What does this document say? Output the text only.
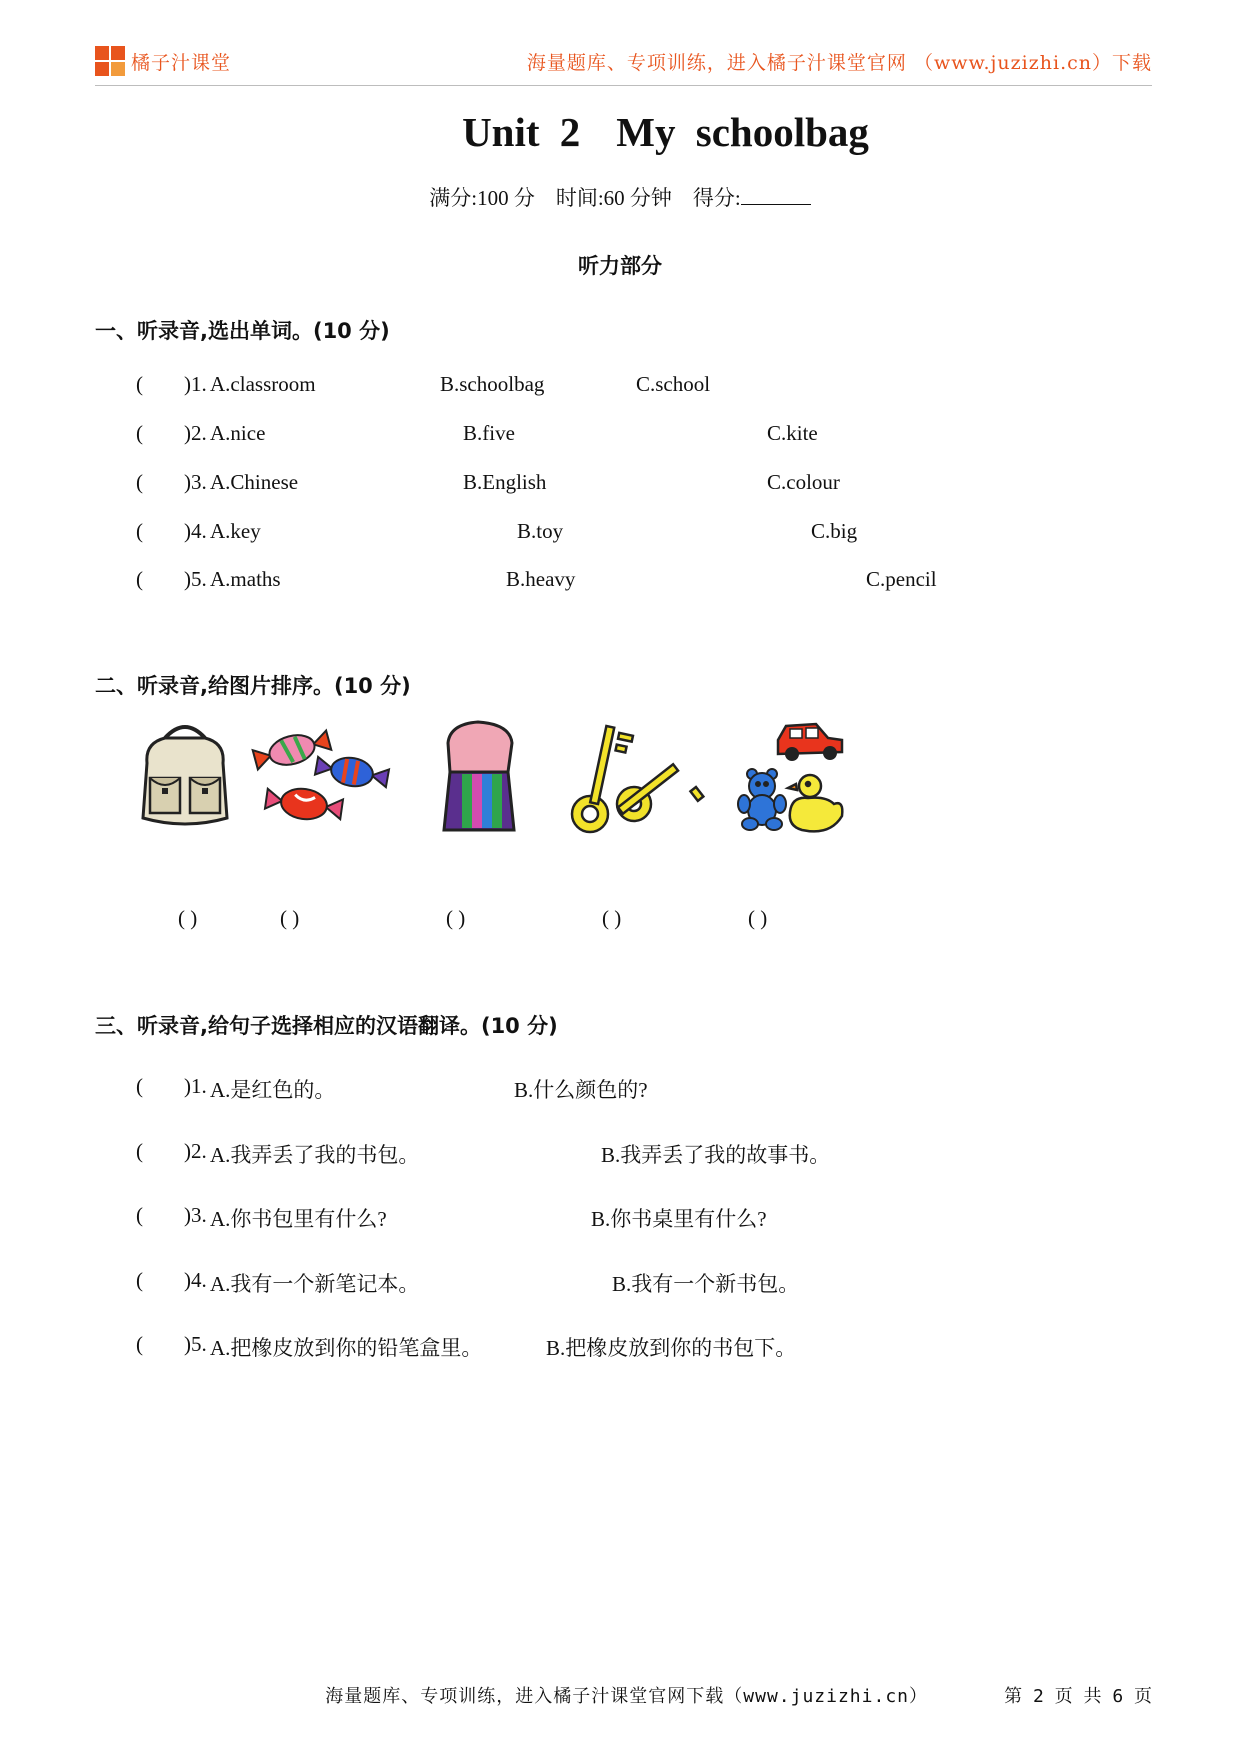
橘子汁课堂	海量题库、专项训练，进入橘子汁课堂官网 （www.juzizhi.cn）下载
Unit 2 My schoolbag
满分:100 分 时间:60 分钟 得分:
听力部分
一、听录音,选出单词。(10 分)
( )1. A.classroom	B.schoolbag	C.school
( )2. A.nice	B.five	C.kite
( )3. A.Chinese	B.English	C.colour
( )4. A.key	B.toy	C.big
( )5. A.maths	B.heavy	C.pencil
二、听录音,给图片排序。(10 分)
( )	( )	( )	( )	( )
三、听录音,给句子选择相应的汉语翻译。(10 分)
( )1. A.是红色的。	B.什么颜色的?
( )2. A.我弄丢了我的书包。	B.我弄丢了我的故事书。
( )3. A.你书包里有什么?	B.你书桌里有什么?
( )4. A.我有一个新笔记本。	B.我有一个新书包。
( )5. A.把橡皮放到你的铅笔盒里。	B.把橡皮放到你的书包下。
海量题库、专项训练，进入橘子汁课堂官网下载（www.juzizhi.cn）	第 2 页 共 6 页
